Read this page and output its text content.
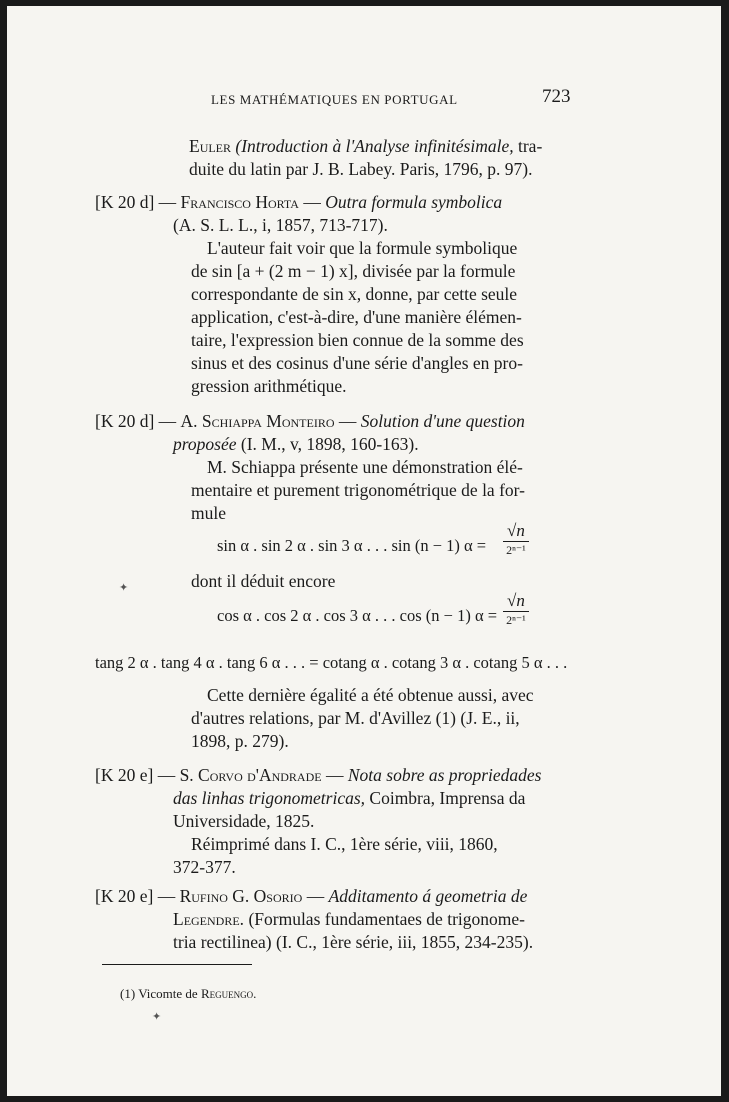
LES MATHÉMATIQUES EN PORTUGAL	723
Euler (Introduction à l'Analyse infinitésimale, tra-
duite du latin par J. B. Labey. Paris, 1796, p. 97).
[K 20 d] — Francisco Horta — Outra formula symbolica
(A. S. L. L., i, 1857, 713-717).
L'auteur fait voir que la formule symbolique
de sin [a + (2 m − 1) x], divisée par la formule
correspondante de sin x, donne, par cette seule
application, c'est-à-dire, d'une manière élémen-
taire, l'expression bien connue de la somme des
sinus et des cosinus d'une série d'angles en pro-
gression arithmétique.
[K 20 d] — A. Schiappa Monteiro — Solution d'une question
proposée (I. M., v, 1898, 160-163).
M. Schiappa présente une démonstration élé-
mentaire et purement trigonométrique de la for-
mule
sin α . sin 2 α . sin 3 α . . . sin (n − 1) α =
√n
2ⁿ⁻¹
dont il déduit encore
✦
cos α . cos 2 α . cos 3 α . . . cos (n − 1) α =
√n
2ⁿ⁻¹
tang 2 α . tang 4 α . tang 6 α . . . = cotang α . cotang 3 α . cotang 5 α . . .
Cette dernière égalité a été obtenue aussi, avec
d'autres relations, par M. d'Avillez (1) (J. E., ii,
1898, p. 279).
[K 20 e] — S. Corvo d'Andrade — Nota sobre as propriedades
das linhas trigonometricas, Coimbra, Imprensa da
Universidade, 1825.
Réimprimé dans I. C., 1ère série, viii, 1860,
372-377.
[K 20 e] — Rufino G. Osorio — Additamento á geometria de
Legendre. (Formulas fundamentaes de trigonome-
tria rectilinea) (I. C., 1ère série, iii, 1855, 234-235).
(1) Vicomte de Reguengo.
✦
